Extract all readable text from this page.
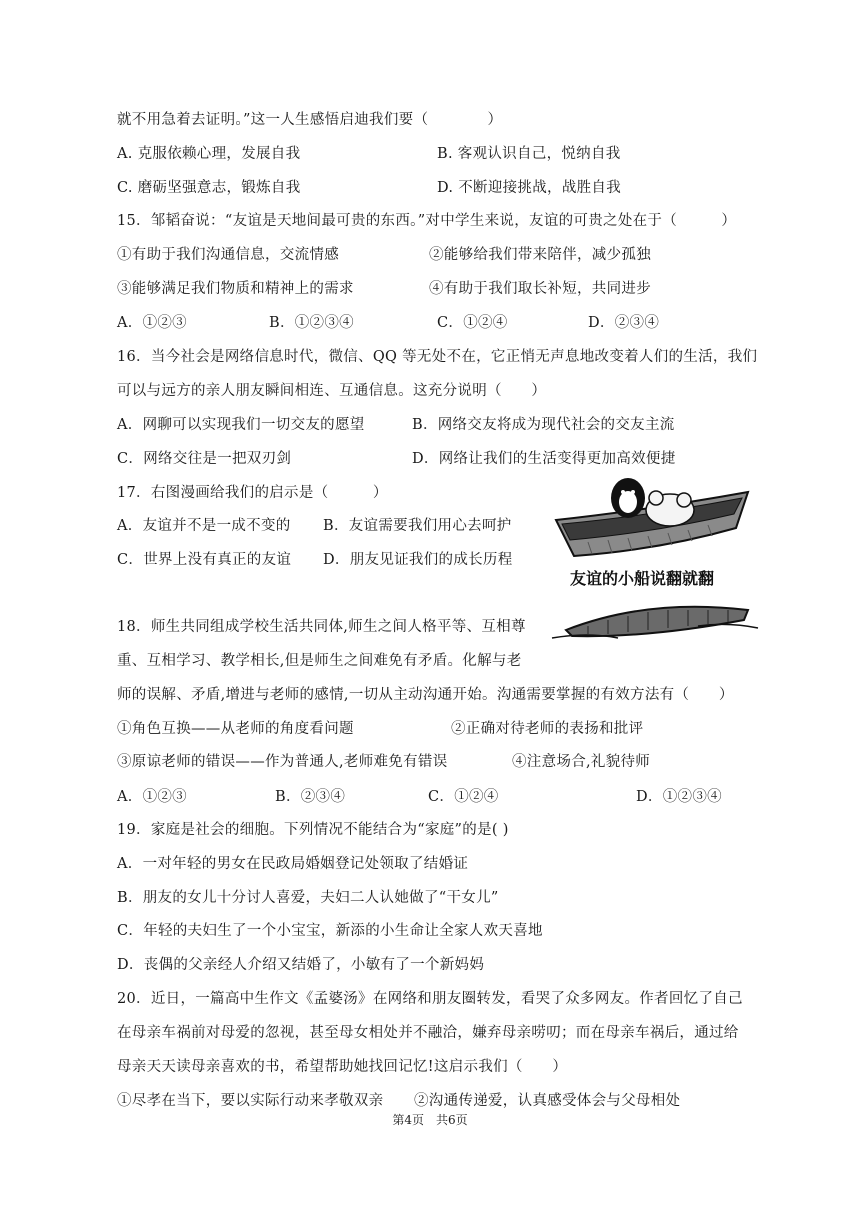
就不用急着去证明。”这一人生感悟启迪我们要（　　　　）
A. 克服依赖心理，发展自我	B. 客观认识自己，悦纳自我
C. 磨砺坚强意志，锻炼自我	D. 不断迎接挑战，战胜自我
15．邹韬奋说：“友谊是天地间最可贵的东西。”对中学生来说，友谊的可贵之处在于（　　　）
①有助于我们沟通信息，交流情感	②能够给我们带来陪伴，减少孤独
③能够满足我们物质和精神上的需求	④有助于我们取长补短，共同进步
A．①②③	B．①②③④	C．①②④	D．②③④
16．当今社会是网络信息时代，微信、QQ 等无处不在，它正悄无声息地改变着人们的生活，我们
可以与远方的亲人朋友瞬间相连、互通信息。这充分说明（　　）
A．网聊可以实现我们一切交友的愿望	B．网络交友将成为现代社会的交友主流
C．网络交往是一把双刃剑	D．网络让我们的生活变得更加高效便捷
17．右图漫画给我们的启示是（　　　）
A．友谊并不是一成不变的 B．友谊需要我们用心去呵护
C．世界上没有真正的友谊 D．朋友见证我们的成长历程
友谊的小船说翻就翻
18．师生共同组成学校生活共同体,师生之间人格平等、互相尊
重、互相学习、教学相长,但是师生之间难免有矛盾。化解与老
师的误解、矛盾,增进与老师的感情,一切从主动沟通开始。沟通需要掌握的有效方法有（　　）
①角色互换——从老师的角度看问题	②正确对待老师的表扬和批评
③原谅老师的错误——作为普通人,老师难免有错误	④注意场合,礼貌待师
A．①②③	B．②③④	C．①②④	D．①②③④
19．家庭是社会的细胞。下列情况不能结合为“家庭”的是( )
A．一对年轻的男女在民政局婚姻登记处领取了结婚证
B．朋友的女儿十分讨人喜爱，夫妇二人认她做了“干女儿”
C．年轻的夫妇生了一个小宝宝，新添的小生命让全家人欢天喜地
D．丧偶的父亲经人介绍又结婚了，小敏有了一个新妈妈
20．近日，一篇高中生作文《孟婆汤》在网络和朋友圈转发，看哭了众多网友。作者回忆了自己
在母亲车祸前对母爱的忽视，甚至母女相处并不融洽，嫌弃母亲唠叨；而在母亲车祸后，通过给
母亲天天读母亲喜欢的书，希望帮助她找回记忆!这启示我们（　　）
①尽孝在当下，要以实际行动来孝敬双亲 ②沟通传递爱，认真感受体会与父母相处
第4页　共6页
